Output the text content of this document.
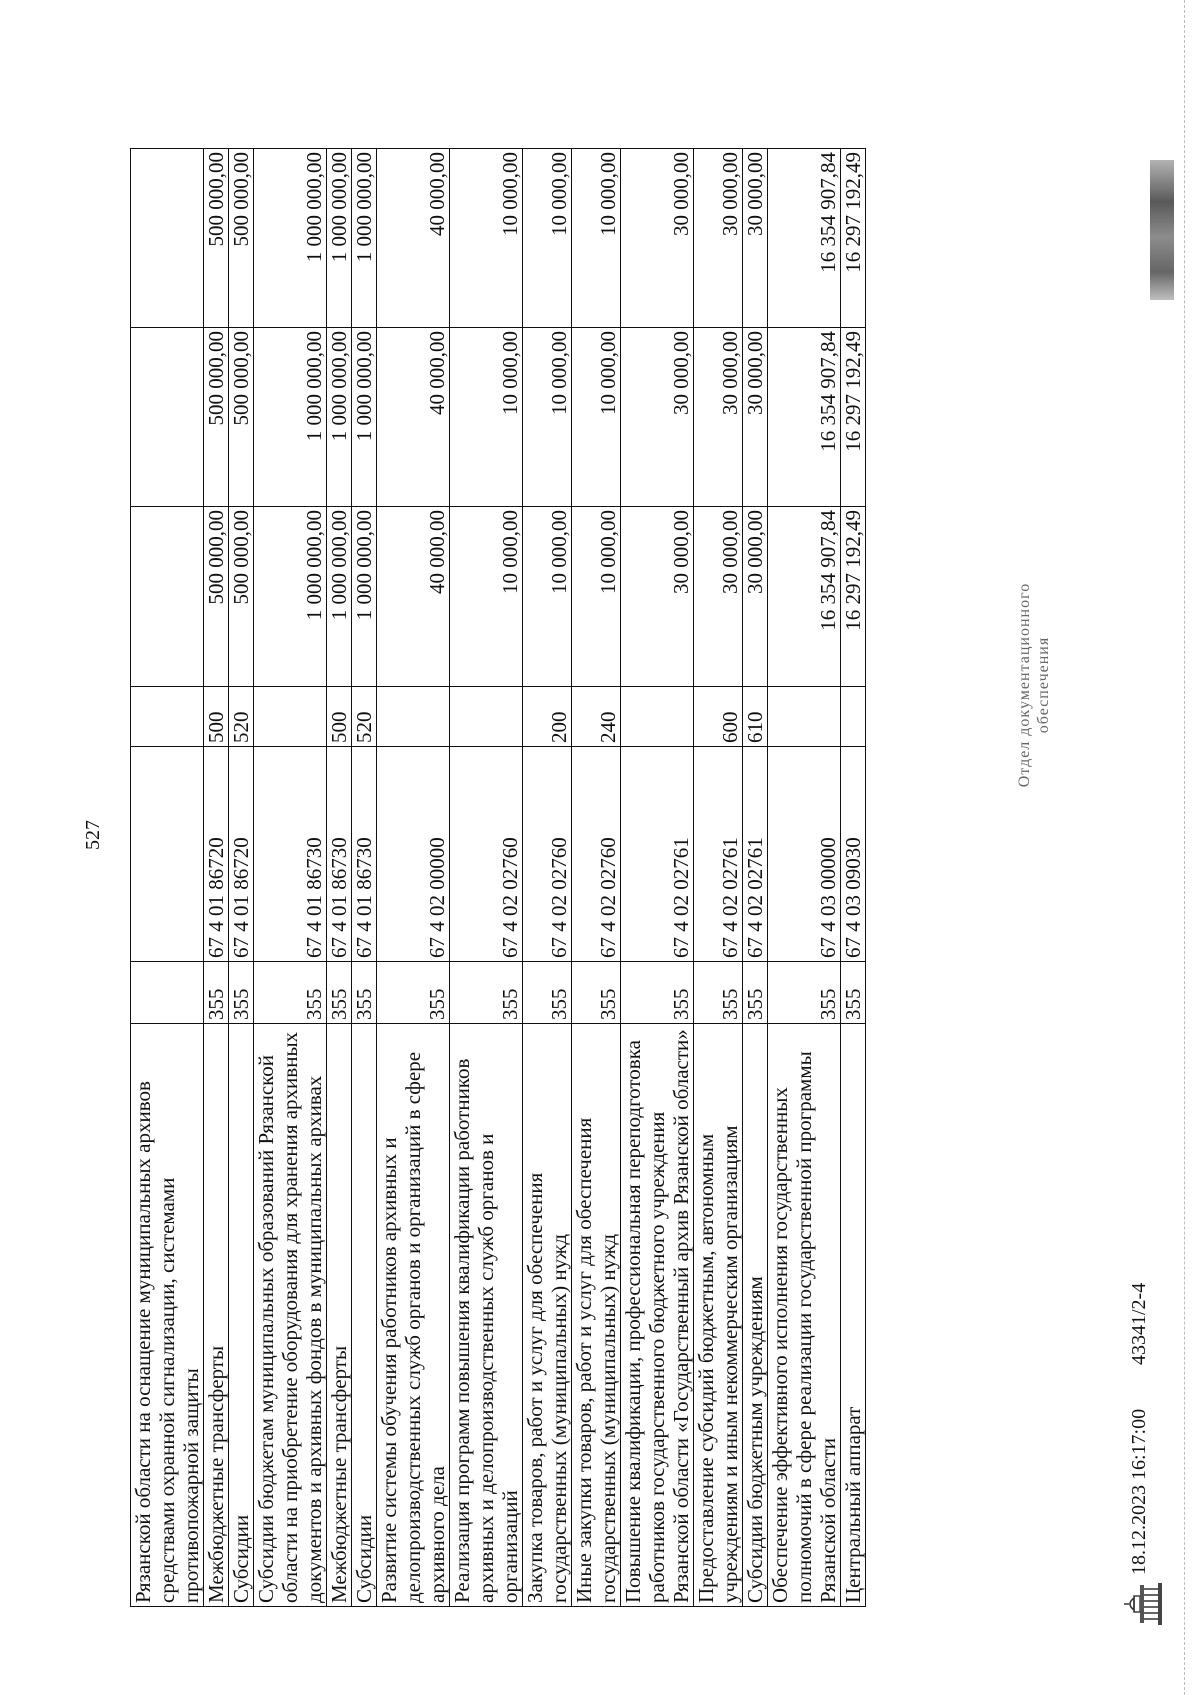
527
Рязанской области на оснащение муниципальных архивов средствами охранной сигнализации, системами противопожарной защиты						
Межбюджетные трансферты	355	67 4 01 86720	500	500 000,00	500 000,00	500 000,00
Субсидии	355	67 4 01 86720	520	500 000,00	500 000,00	500 000,00
Субсидии бюджетам муниципальных образований Рязанской области на приобретение оборудования для хранения архивных документов и архивных фондов в муниципальных архивах	355	67 4 01 86730		1 000 000,00	1 000 000,00	1 000 000,00
Межбюджетные трансферты	355	67 4 01 86730	500	1 000 000,00	1 000 000,00	1 000 000,00
Субсидии	355	67 4 01 86730	520	1 000 000,00	1 000 000,00	1 000 000,00
Развитие системы обучения работников архивных и делопроизводственных служб органов и организаций в сфере архивного дела	355	67 4 02 00000		40 000,00	40 000,00	40 000,00
Реализация программ повышения квалификации работников архивных и делопроизводственных служб органов и организаций	355	67 4 02 02760		10 000,00	10 000,00	10 000,00
Закупка товаров, работ и услуг для обеспечения государственных (муниципальных) нужд	355	67 4 02 02760	200	10 000,00	10 000,00	10 000,00
Иные закупки товаров, работ и услуг для обеспечения государственных (муниципальных) нужд	355	67 4 02 02760	240	10 000,00	10 000,00	10 000,00
Повышение квалификации, профессиональная переподготовка работников государственного бюджетного учреждения Рязанской области «Государственный архив Рязанской области»	355	67 4 02 02761		30 000,00	30 000,00	30 000,00
Предоставление субсидий бюджетным, автономным учреждениям и иным некоммерческим организациям	355	67 4 02 02761	600	30 000,00	30 000,00	30 000,00
Субсидии бюджетным учреждениям	355	67 4 02 02761	610	30 000,00	30 000,00	30 000,00
Обеспечение эффективного исполнения государственных полномочий в сфере реализации государственной программы Рязанской области	355	67 4 03 00000		16 354 907,84	16 354 907,84	16 354 907,84
Центральный аппарат	355	67 4 03 09030		16 297 192,49	16 297 192,49	16 297 192,49
18.12.2023 16:17:00
43341/2-4
Отдел документационного обеспечения
